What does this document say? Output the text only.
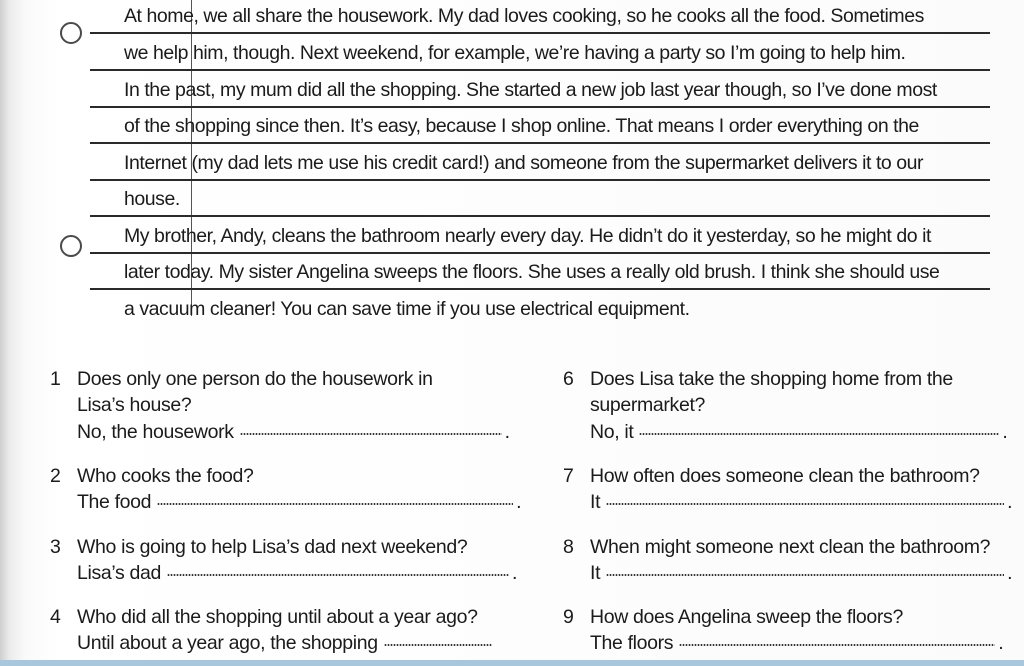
At home, we all share the housework. My dad loves cooking, so he cooks all the food. Sometimes
we help him, though. Next weekend, for example, we’re having a party so I’m going to help him.
In the past, my mum did all the shopping. She started a new job last year though, so I’ve done most
of the shopping since then. It’s easy, because I shop online. That means I order everything on the
Internet (my dad lets me use his credit card!) and someone from the supermarket delivers it to our
house.
My brother, Andy, cleans the bathroom nearly every day. He didn’t do it yesterday, so he might do it
later today. My sister Angelina sweeps the floors. She uses a really old brush. I think she should use
a vacuum cleaner! You can save time if you use electrical equipment.
1 Does only one person do the housework in
Lisa’s house?
No, the housework	.
2 Who cooks the food?
The food	.
3 Who is going to help Lisa’s dad next weekend?
Lisa’s dad	.
4 Who did all the shopping until about a year ago?
Until about a year ago, the shopping
6 Does Lisa take the shopping home from the
supermarket?
No, it	.
7 How often does someone clean the bathroom?
It	.
8 When might someone next clean the bathroom?
It	.
9 How does Angelina sweep the floors?
The floors	.
